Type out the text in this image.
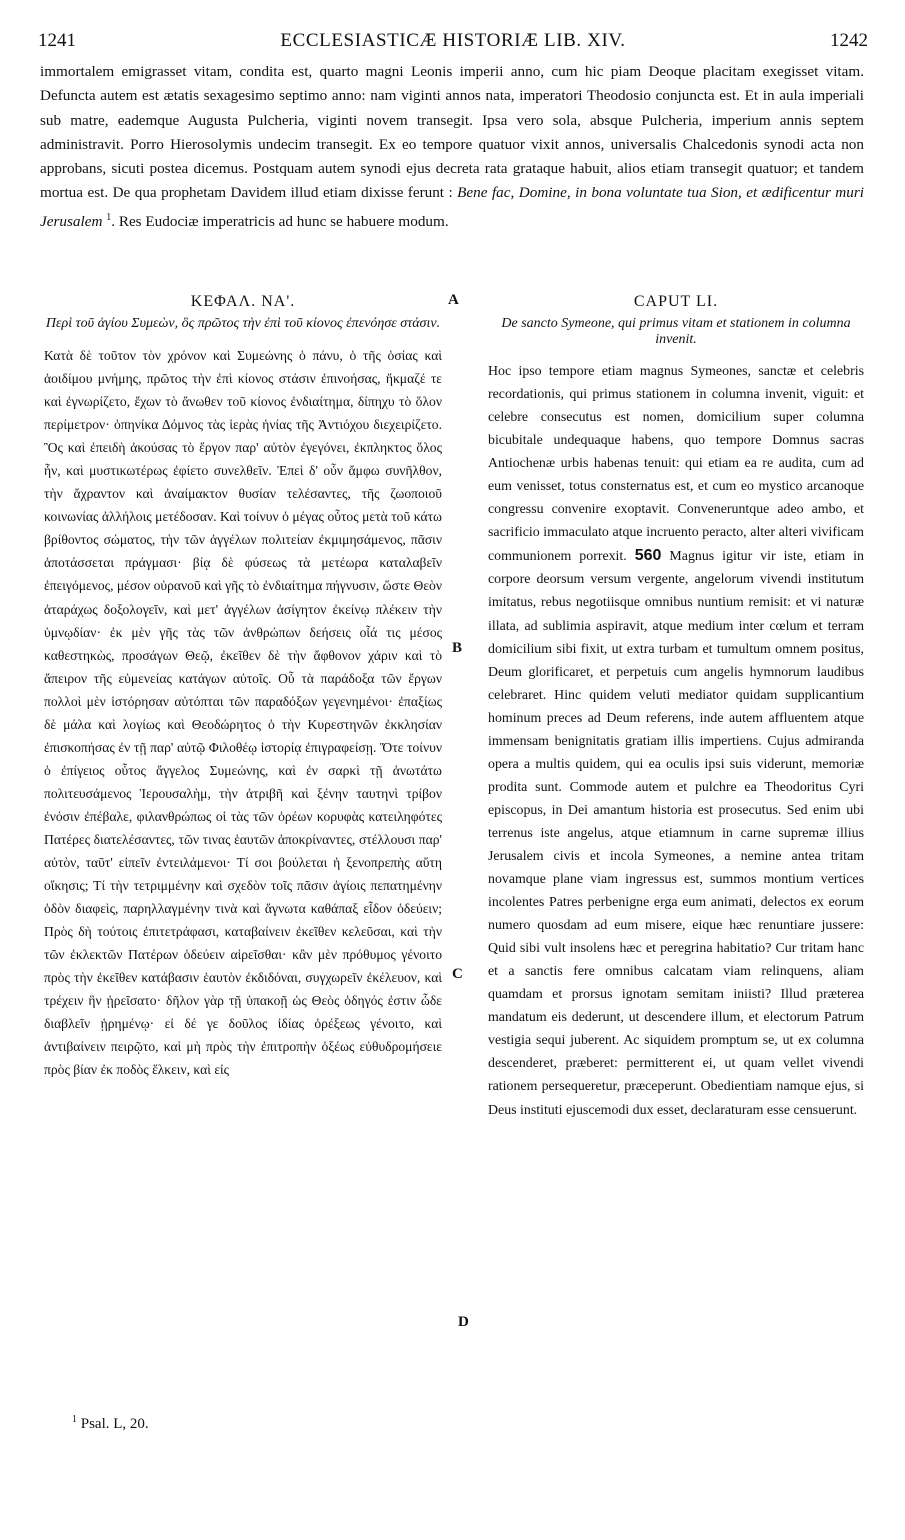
1241	ECCLESIASTICÆ HISTORIÆ LIB. XIV.	1242
immortalem emigrasset vitam, condita est, quarto magni Leonis imperii anno, cum hic piam Deoque placitam exegisset vitam. Defuncta autem est ætatis sexagesimo septimo anno: nam viginti annos nata, imperatori Theodosio conjuncta est. Et in aula imperiali sub matre, eademque Augusta Pulcheria, viginti novem transegit. Ipsa vero sola, absque Pulcheria, imperium annis septem administravit. Porro Hierosolymis undecim transegit. Ex eo tempore quatuor vixit annos, universalis Chalcedonis synodi acta non approbans, sicuti postea dicemus. Postquam autem synodi ejus decreta rata grataque habuit, alios etiam transegit quatuor; et tandem mortua est. De qua prophetam Davidem illud etiam dixisse ferunt : Bene fac, Domine, in bona voluntate tua Sion, et ædificentur muri Jerusalem $^1$. Res Eudociæ imperatricis ad hunc se habuere modum.
ΚΕΦΑΛ. ΝΑ'.
Περὶ τοῦ ἁγίου Συμεὼν, ὃς πρῶτος τὴν ἐπὶ τοῦ κίονος ἐπενόησε στάσιν.
Κατὰ δὲ τοῦτον τὸν χρόνον καὶ Συμεώνης ὁ πάνυ, ὁ τῆς ὁσίας καὶ ἀοιδίμου μνήμης, πρῶτος τὴν ἐπὶ κίονος στάσιν ἐπινοήσας, ἤκμαζέ τε καὶ ἐγνωρίζετο, ἔχων τὸ ἄνωθεν τοῦ κίονος ἐνδιαίτημα, δίπηχυ τὸ ὅλον περίμετρον· ὁπηνίκα Δόμνος τὰς ἱερὰς ἡνίας τῆς Ἀντιόχου διεχειρίζετο. Ὃς καὶ ἐπειδὴ ἀκούσας τὸ ἔργον παρ' αὐτὸν ἐγεγόνει, ἐκπληκτος ὅλος ἦν, καὶ μυστικωτέρως ἐφίετο συνελθεῖν. Ἐπεὶ δ' οὖν ἄμφω συνῆλθον, τὴν ἄχραντον καὶ ἀναίμακτον θυσίαν τελέσαντες, τῆς ζωοποιοῦ κοινωνίας ἀλλήλοις μετέδοσαν. Καὶ τοίνυν ὁ μέγας οὗτος μετὰ τοῦ κάτω βρίθοντος σώματος, τὴν τῶν ἀγγέλων πολιτείαν ἐκμιμησάμενος, πᾶσιν ἀποτάσσεται πράγμασι· βίᾳ δὲ φύσεως τὰ μετέωρα καταλαβεῖν ἐπειγόμενος, μέσον οὐρανοῦ καὶ γῆς τὸ ἐνδιαίτημα πήγνυσιν, ὥστε Θεὸν ἀταράχως δοξολογεῖν, καὶ μετ' ἀγγέλων ἀσίγητον ἐκείνῳ πλέκειν τὴν ὑμνῳδίαν· ἐκ μὲν γῆς τὰς τῶν ἀνθρώπων δεήσεις οἷά τις μέσος καθεστηκὼς, προσάγων Θεῷ, ἐκεῖθεν δὲ τὴν ἄφθονον χάριν καὶ τὸ ἄπειρον τῆς εὐμενείας κατάγων αὐτοῖς. Οὗ τὰ παράδοξα τῶν ἔργων πολλοὶ μὲν ἱστόρησαν αὐτόπται τῶν παραδόξων γεγενημένοι· ἐπαξίως δὲ μάλα καὶ λογίως καὶ Θεοδώρητος ὁ τὴν Κυρεστηνῶν ἐκκλησίαν ἐπισκοπήσας ἐν τῇ παρ' αὐτῷ Φιλοθέῳ ἱστορίᾳ ἐπιγραφείσῃ. Ὅτε τοίνυν ὁ ἐπίγειος οὗτος ἄγγελος Συμεώνης, καὶ ἐν σαρκὶ τῇ ἀνωτάτω πολιτευσάμενος Ἱερουσαλὴμ, τὴν ἀτριβῆ καὶ ξένην ταυτηνὶ τρίβον ἐνόσιν ἐπέβαλε, φιλανθρώπως οἱ τὰς τῶν ὀρέων κορυφὰς κατειληφότες Πατέρες διατελέσαντες, τῶν τινας ἑαυτῶν ἀποκρίναντες, στέλλουσι παρ' αὐτὸν, ταῦτ' εἰπεῖν ἐντειλάμενοι· Τί σοι βούλεται ἡ ξενοπρεπὴς αὕτη οἴκησις; Τί τὴν τετριμμένην καὶ σχεδὸν τοῖς πᾶσιν ἁγίοις πεπατημένην ὁδὸν διαφεὶς, παρηλλαγμένην τινὰ καὶ ἄγνωτα καθάπαξ εἶδον ὁδεύειν; Πρὸς δὴ τούτοις ἐπιτετράφασι, καταβαίνειν ἐκεῖθεν κελεῦσαι, καὶ τὴν τῶν ἐκλεκτῶν Πατέρων ὁδεύειν αἱρεῖσθαι· κἂν μὲν πρόθυμος γένοιτο πρὸς τὴν ἐκεῖθεν κατάβασιν ἑαυτὸν ἐκδιδόναι, συγχωρεῖν ἐκέλευον, καὶ τρέχειν ἣν ᾑρεῖσατο· δῆλον γὰρ τῇ ὑπακοῇ ὡς Θεὸς ὁδηγός ἐστιν ὧδε διαβλεῖν ᾑρημένῳ· εἰ δέ γε δοῦλος ἰδίας ὀρέξεως γένοιτο, καὶ ἀντιβαίνειν πειρῷτο, καὶ μὴ πρὸς τὴν ἐπιτροπὴν ὀξέως εὐθυδρομήσειε πρὸς βίαν ἐκ ποδὸς ἕλκειν, καὶ εἰς
CAPUT LI.
De sancto Symeone, qui primus vitam et stationem in columna invenit.
Hoc ipso tempore etiam magnus Symeones, sanctæ et celebris recordationis, qui primus stationem in columna invenit, viguit: et celebre consecutus est nomen, domicilium super columna bicubitale undequaque habens, quo tempore Domnus sacras Antiochenæ urbis habenas tenuit: qui etiam ea re audita, cum ad eum venisset, totus consternatus est, et cum eo mystico arcanoque congressu convenire exoptavit. Conveneruntque adeo ambo, et sacrificio immaculato atque incruento peracto, alter alteri vivificam communionem porrexit. 560 Magnus igitur vir iste, etiam in corpore deorsum versum vergente, angelorum vivendi institutum imitatus, rebus negotiisque omnibus nuntium remisit: et vi naturæ illata, ad sublimia aspiravit, atque medium inter cœlum et terram domicilium sibi fixit, ut extra turbam et tumultum omnem positus, Deum glorificaret, et perpetuis cum angelis hymnorum laudibus celebraret. Hinc quidem veluti mediator quidam supplicantium hominum preces ad Deum referens, inde autem affluentem atque immensam benignitatis gratiam illis impertiens. Cujus admiranda opera a multis quidem, qui ea oculis ipsi suis viderunt, memoriæ prodita sunt. Commode autem et pulchre ea Theodoritus Cyri episcopus, in Dei amantum historia est prosecutus. Sed enim ubi terrenus iste angelus, atque etiamnum in carne supremæ illius Jerusalem civis et incola Symeones, a nemine antea tritam novamque plane viam ingressus est, summos montium vertices incolentes Patres perbenigne erga eum animati, delectos ex eorum numero quosdam ad eum misere, eique hæc renuntiare jussere: Quid sibi vult insolens hæc et peregrina habitatio? Cur tritam hanc et a sanctis fere omnibus calcatam viam relinquens, aliam quamdam et prorsus ignotam semitam iniisti? Illud præterea mandatum eis dederunt, ut descendere illum, et electorum Patrum vestigia sequi juberent. Ac siquidem promptum se, ut ex columna descenderet, præberet: permitterent ei, ut quam vellet vivendi rationem persequeretur, præceperunt. Obedientiam namque ejus, si Deus instituti ejuscemodi dux esset, declaraturam esse censuerunt.
A
B
C
D
$^1$ Psal. L, 20.
